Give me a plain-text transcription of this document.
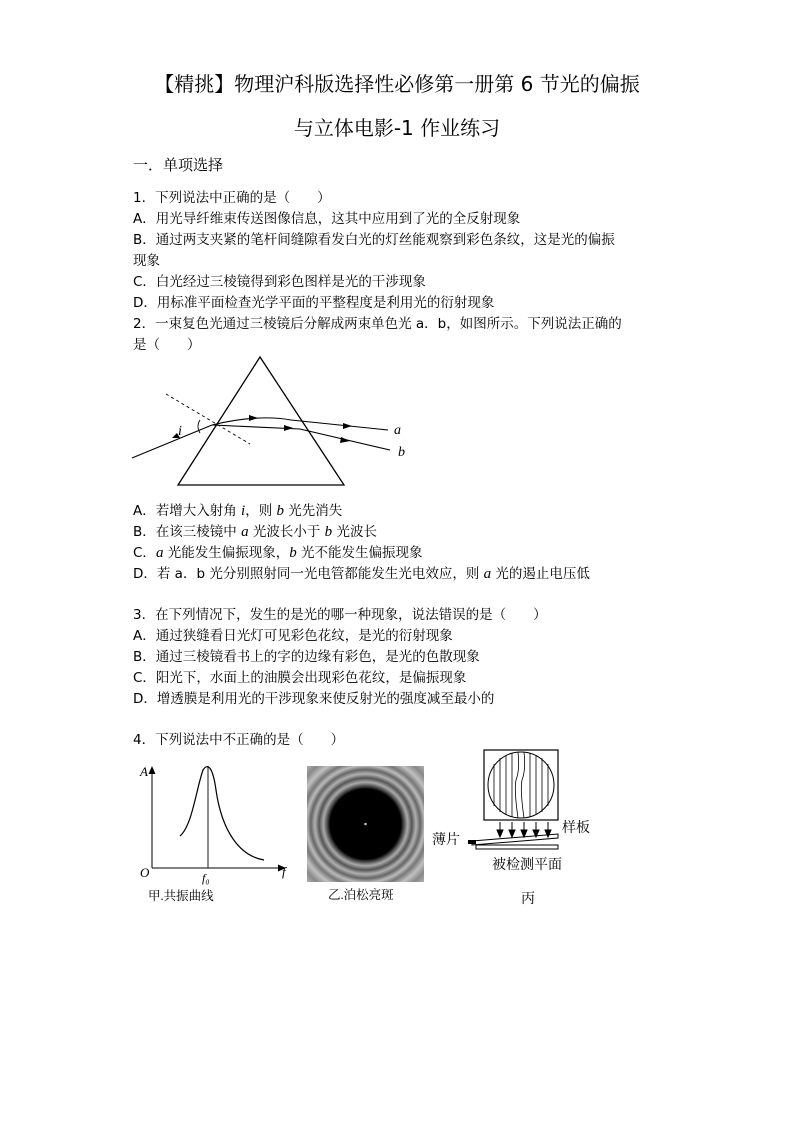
【精挑】物理沪科版选择性必修第一册第 6 节光的偏振
与立体电影-1 作业练习
一．单项选择
1．下列说法中正确的是（　　）
A．用光导纤维束传送图像信息，这其中应用到了光的全反射现象
B．通过两支夹紧的笔杆间缝隙看发白光的灯丝能观察到彩色条纹，这是光的偏振
现象
C．白光经过三棱镜得到彩色图样是光的干涉现象
D．用标准平面检查光学平面的平整程度是利用光的衍射现象
2．一束复色光通过三棱镜后分解成两束单色光 a．b，如图所示。下列说法正确的
是（　　）
i	a
b
A．若增大入射角 i，则 b 光先消失
B．在该三棱镜中 a 光波长小于 b 光波长
C．a 光能发生偏振现象，b 光不能发生偏振现象
D．若 a．b 光分别照射同一光电管都能发生光电效应，则 a 光的遏止电压低
3．在下列情况下，发生的是光的哪一种现象，说法错误的是（　　）
A．通过狭缝看日光灯可见彩色花纹，是光的衍射现象
B．通过三棱镜看书上的字的边缘有彩色，是光的色散现象
C．阳光下，水面上的油膜会出现彩色花纹，是偏振现象
D．增透膜是利用光的干涉现象来使反射光的强度减至最小的
4．下列说法中不正确的是（　　）
A
f
O	f₀
甲.共振曲线	乙.泊松亮斑
样板
薄片
被检测平面
丙
